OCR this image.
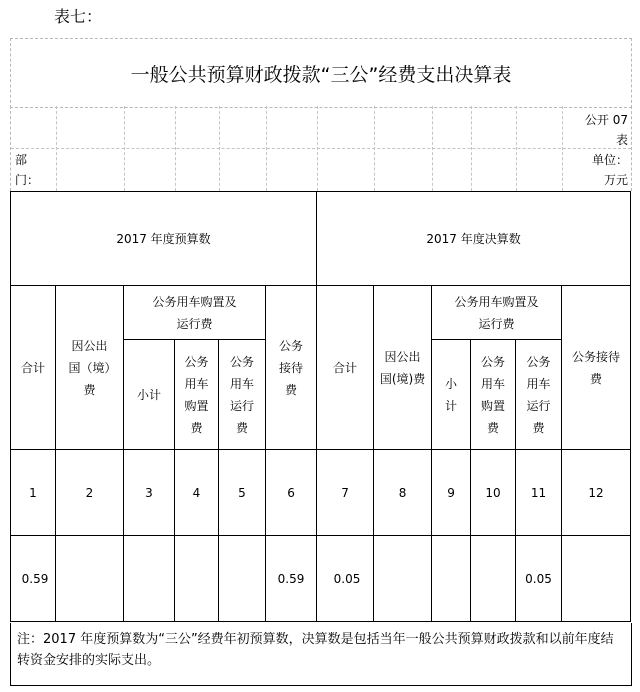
表七：
一般公共预算财政拨款“三公”经费支出决算表
公开 07
表
部
门：
单位：
万元
2017 年度预算数						2017 年度决算数					
合计	因公出国（境）费	公务用车购置及运行费			公务接待费	合计	因公出国(境)费	公务用车购置及运行费			公务接待费
		小计	公务用车购置费	公务用车运行费				小计	公务用车购置费	公务用车运行费	
1	2	3	4	5	6	7	8	9	10	11	12
0.59					0.59	0.05				0.05	
注：2017 年度预算数为“三公”经费年初预算数，决算数是包括当年一般公共预算财政拨款和以前年度结转资金安排的实际支出。
